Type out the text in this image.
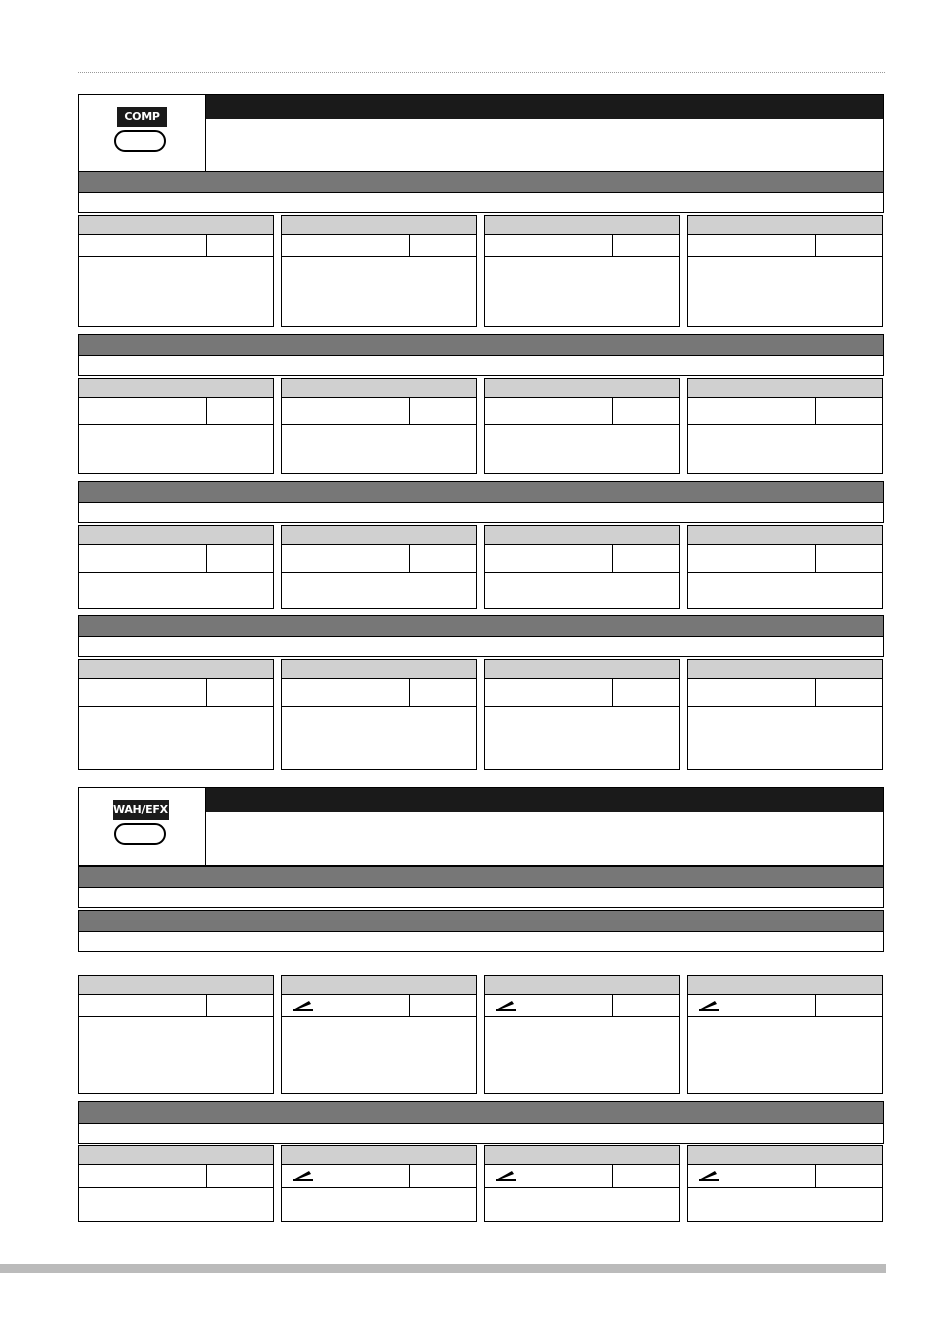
COMP
WAH/EFX1
